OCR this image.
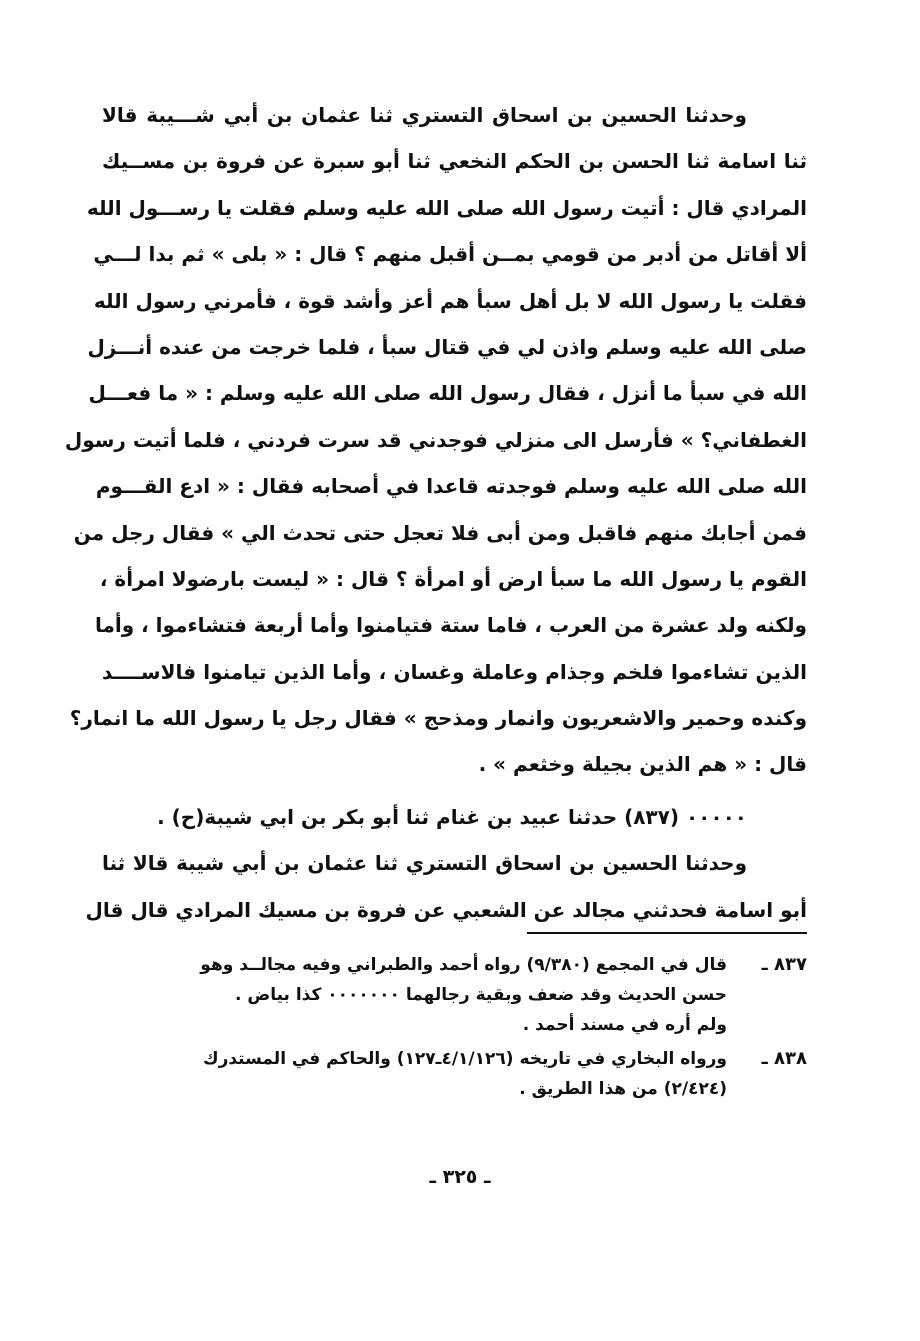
وحدثنا الحسين بن اسحاق التستري ثنا عثمان بن أبي شـــيبة قالا
ثنا اسامة ثنا الحسن بن الحكم النخعي ثنا أبو سبرة عن فروة بن مســيك
المرادي قال : أتيت رسول الله صلى الله عليه وسلم فقلت يا رســـول الله
ألا أقاتل من أدبر من قومي بمــن أقبل منهم ؟ قال : « بلى » ثم بدا لـــي
فقلت يا رسول الله لا بل أهل سبأ هم أعز وأشد قوة ، فأمرني رسول الله
صلى الله عليه وسلم واذن لي في قتال سبأ ، فلما خرجت من عنده أنـــزل
الله في سبأ ما أنزل ، فقال رسول الله صلى الله عليه وسلم : « ما فعـــل
الغطفاني؟ » فأرسل الى منزلي فوجدني قد سرت فردني ، فلما أتيت رسول
الله صلى الله عليه وسلم فوجدته قاعدا في أصحابه فقال : « ادع القـــوم
فمن أجابك منهم فاقبل ومن أبى فلا تعجل حتى تحدث الي » فقال رجل من
القوم يا رسول الله ما سبأ ارض أو امرأة ؟ قال : « ليست بارضولا امرأة ،
ولكنه ولد عشرة من العرب ، فاما ستة فتيامنوا وأما أربعة فتشاءموا ، وأما
الذين تشاءموا فلخم وجذام وعاملة وغسان ، وأما الذين تيامنوا فالاســــد
وكنده وحمير والاشعريون وانمار ومذحج » فقال رجل يا رسول الله ما انمار؟
قال : « هم الذين بجيلة وخثعم » .
٠٠٠٠٠ (٨٣٧) حدثنا عبيد بن غنام ثنا أبو بكر بن ابي شيبة(ح) .
وحدثنا الحسين بن اسحاق التستري ثنا عثمان بن أبي شيبة قالا ثنا
أبو اسامة فحدثني مجالد عن الشعبي عن فروة بن مسيك المرادي قال قال
٨٣٧ ـ
قال في المجمع (٩/٣٨٠) رواه أحمد والطبراني وفيه مجالــد وهو
حسن الحديث وقد ضعف وبقية رجالهما ٠٠٠٠٠٠٠ كذا بياض .
ولم أره في مسند أحمد .
٨٣٨ ـ
ورواه البخاري في تاريخه (٤/١/١٢٦ـ١٢٧) والحاكم في المستدرك
(٢/٤٢٤) من هذا الطريق .
ـ ٣٢٥ ـ
